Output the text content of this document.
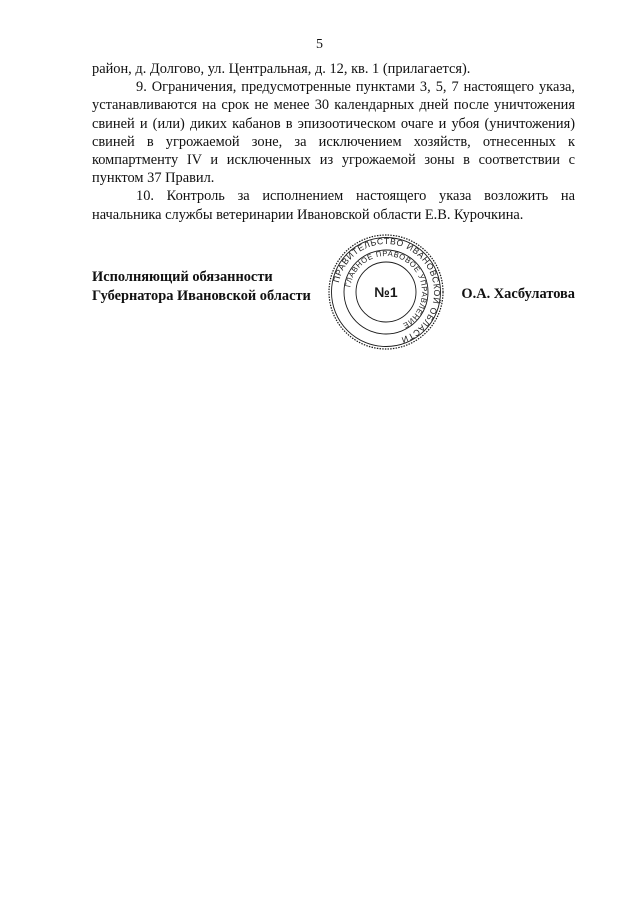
5

район, д. Долгово, ул. Центральная, д. 12, кв. 1 (прилагается).

9. Ограничения, предусмотренные пунктами 3, 5, 7 настоящего указа, устанавливаются на срок не менее 30 календарных дней после уничтожения свиней и (или) диких кабанов в эпизоотическом очаге и убоя (уничтожения) свиней в угрожаемой зоне, за исключением хозяйств, отнесенных к компартменту IV и исключенных из угрожаемой зоны в соответствии с пунктом 37 Правил.

10. Контроль за исполнением настоящего указа возложить на начальника службы ветеринарии Ивановской области Е.В. Курочкина.

Исполняющий обязанности
Губернатора Ивановской области	О.А. Хасбулатова
ПРАВИТЕЛЬСТВО ИВАНОВСКОЙ ОБЛАСТИ
ГЛАВНОЕ ПРАВОВОЕ УПРАВЛЕНИЕ
№1
